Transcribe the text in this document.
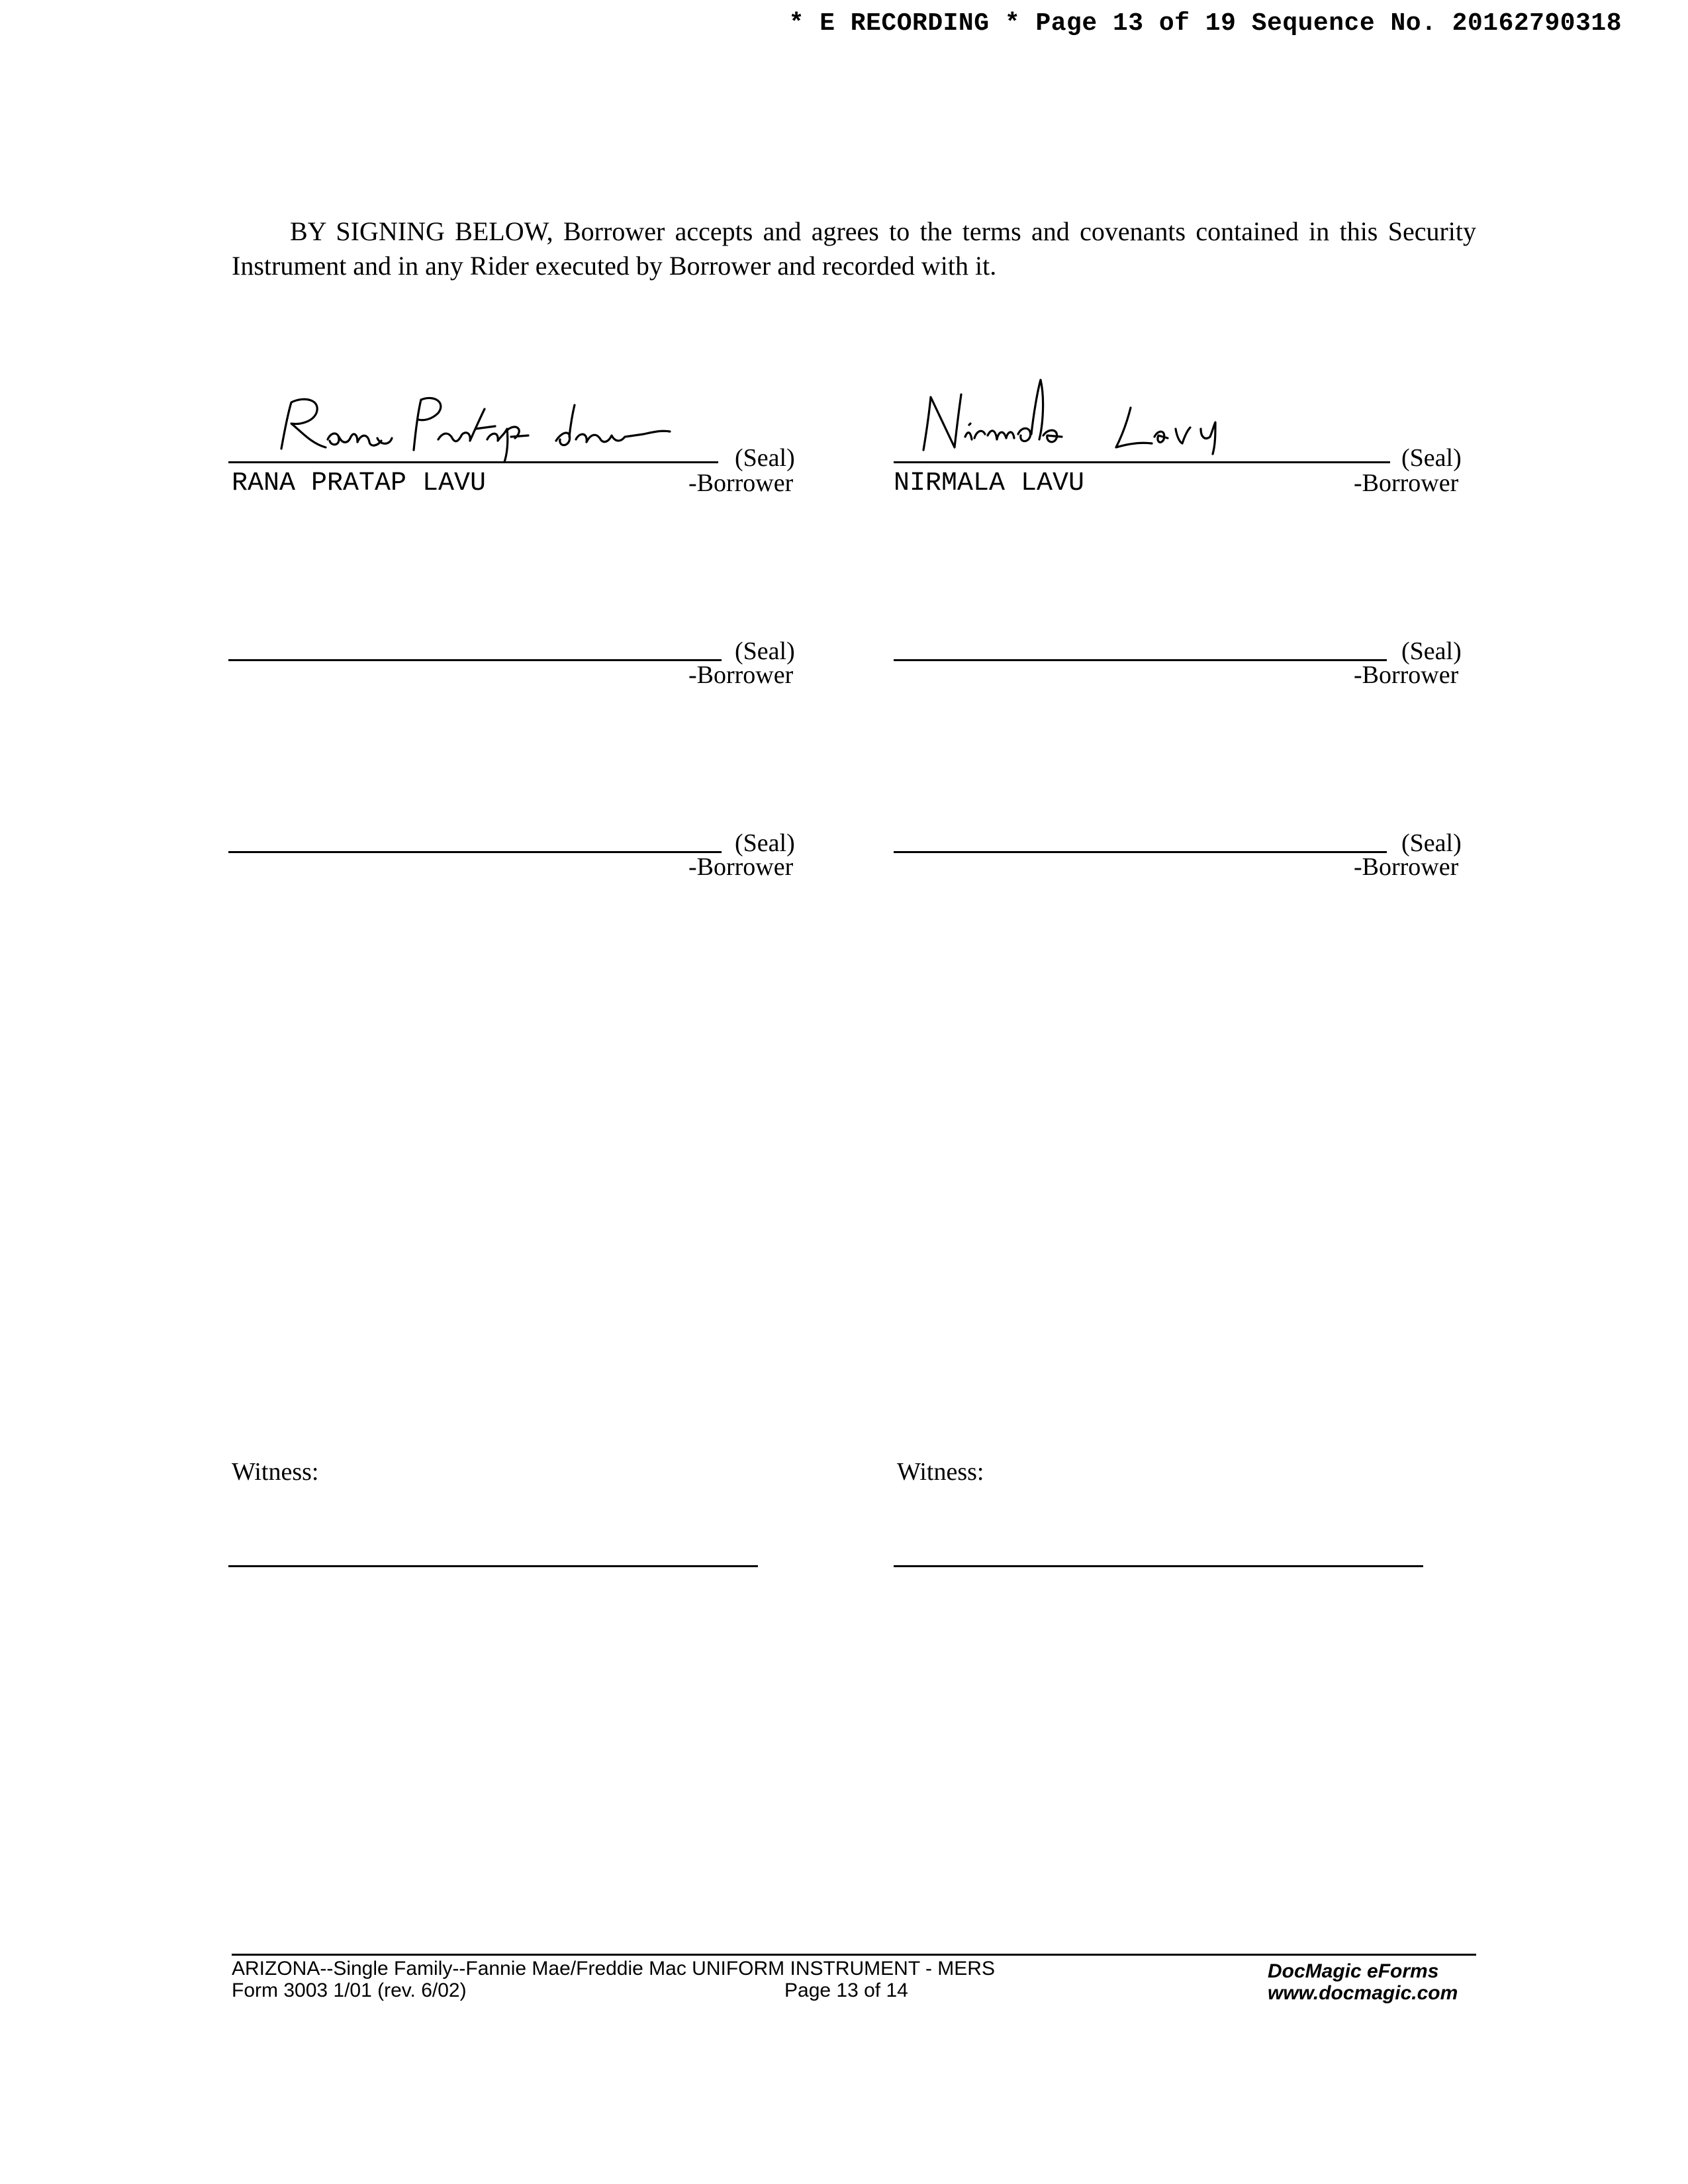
* E RECORDING * Page 13 of 19 Sequence No. 20162790318

BY SIGNING BELOW, Borrower accepts and agrees to the terms and covenants contained in this Security Instrument and in any Rider executed by Borrower and recorded with it.

(Seal)
RANA PRATAP LAVU	-Borrower
(Seal)
NIRMALA LAVU	-Borrower
(Seal)
-Borrower
(Seal)
-Borrower
(Seal)
-Borrower
(Seal)
-Borrower
Witness:	Witness:
ARIZONA--Single Family--Fannie Mae/Freddie Mac UNIFORM INSTRUMENT - MERS
Form 3003 1/01 (rev. 6/02)	Page 13 of 14
DocMagic eForms
www.docmagic.com
